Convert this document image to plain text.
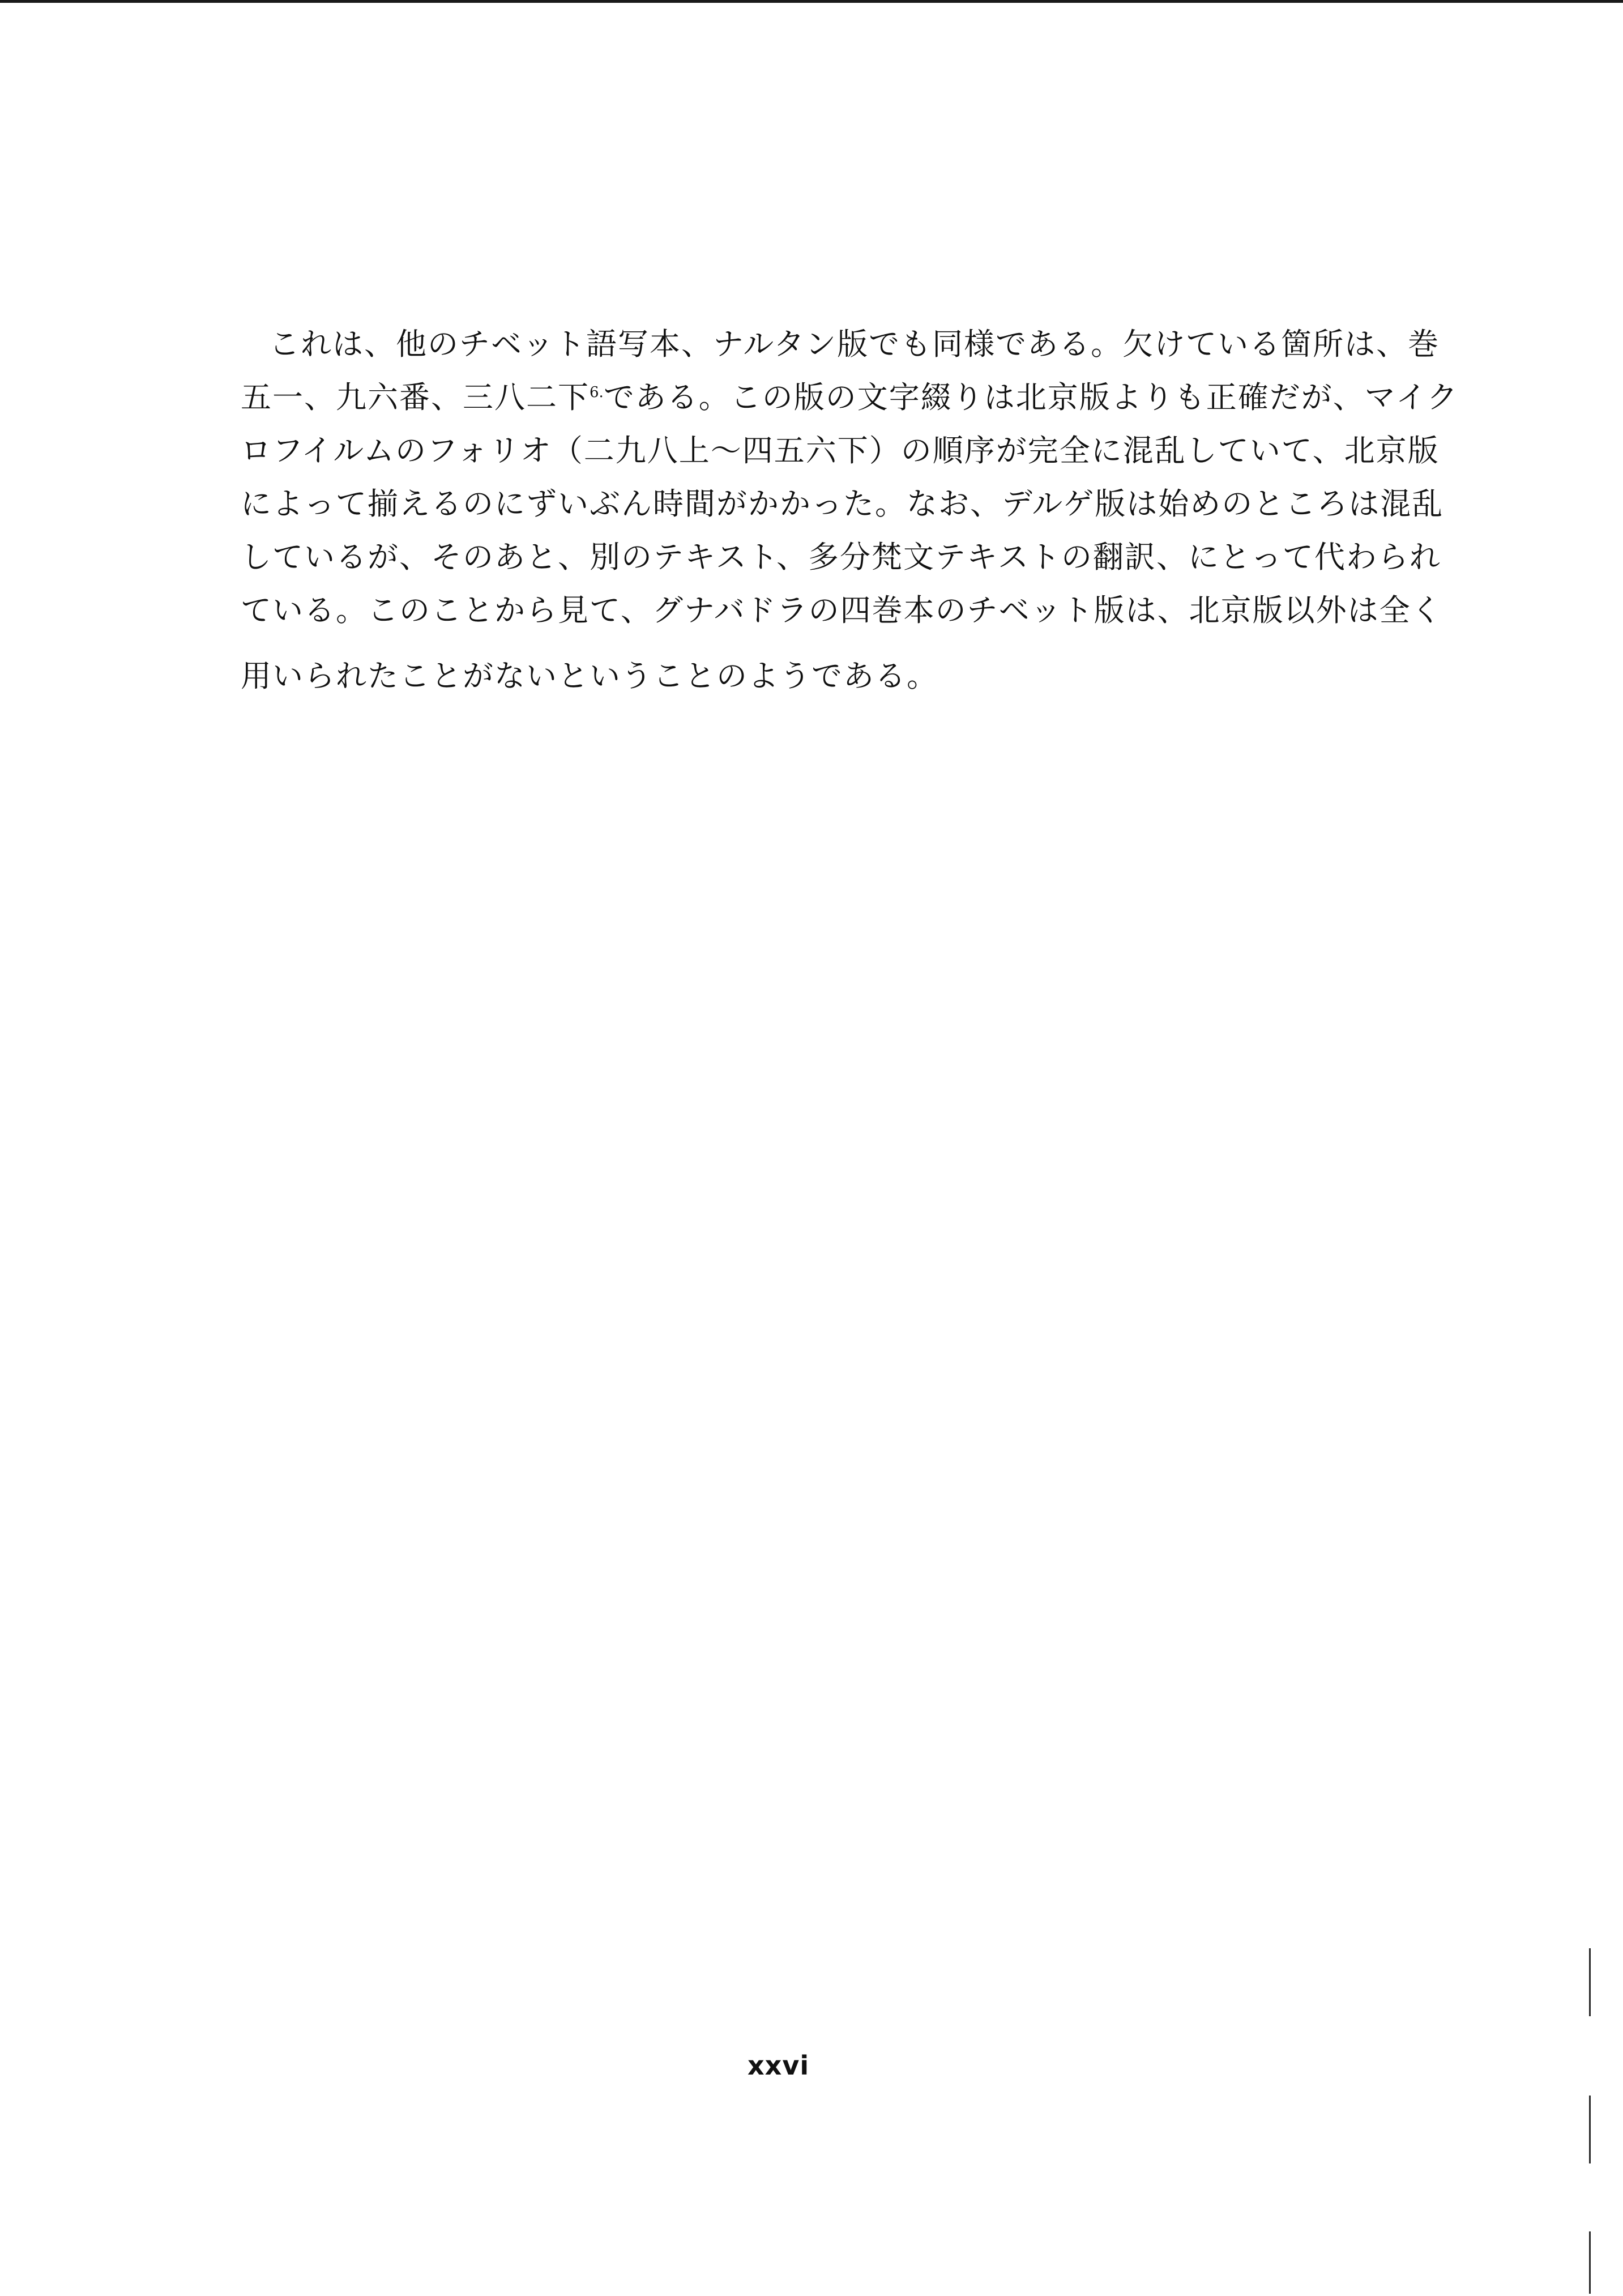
これは、他のチベット語写本、ナルタン版でも同様である。欠けている箇所は、巻
五一、九六番、三八二下$^{6.}$である。この版の文字綴りは北京版よりも正確だが、マイク
ロフイルムのフォリオ（二九八上〜四五六下）の順序が完全に混乱していて、北京版
によって揃えるのにずいぶん時間がかかった。なお、デルゲ版は始めのところは混乱
しているが、そのあと、別のテキスト、多分梵文テキストの翻訳、にとって代わられ
ている。このことから見て、グナバドラの四巻本のチベット版は、北京版以外は全く
用いられたことがないということのようである。
xxvi
